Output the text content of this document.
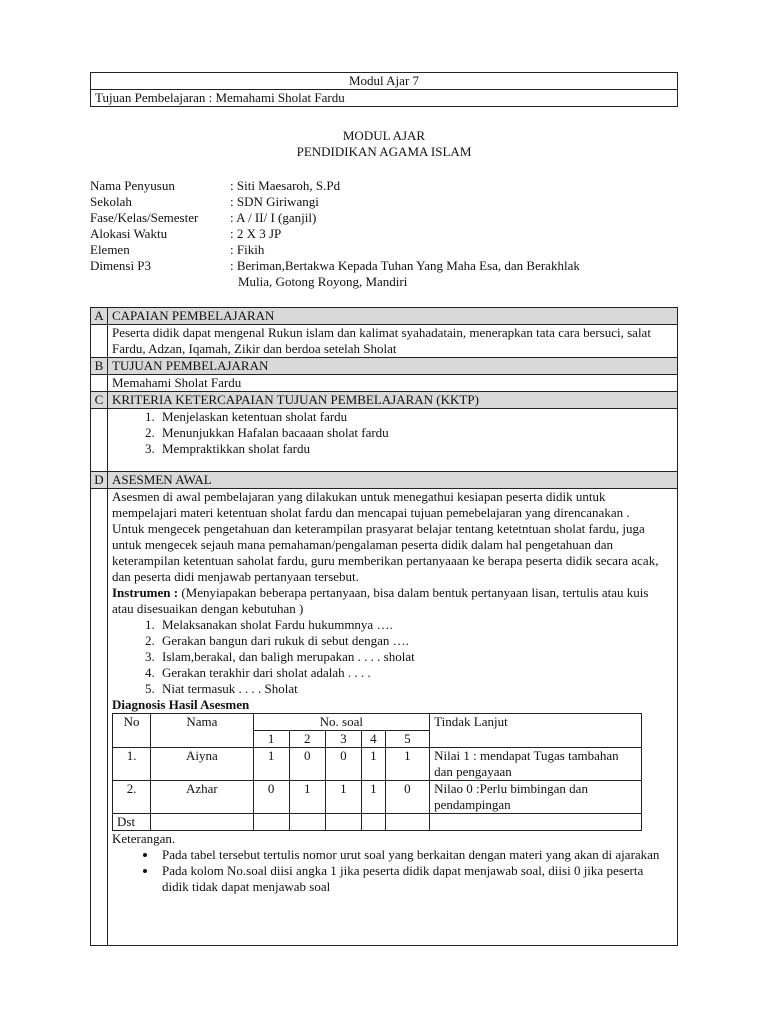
Modul Ajar 7
Tujuan Pembelajaran : Memahami Sholat Fardu
MODUL AJAR
PENDIDIKAN AGAMA ISLAM
Nama Penyusun	: Siti Maesaroh, S.Pd
Sekolah	: SDN Giriwangi
Fase/Kelas/Semester	: A / II/ I (ganjil)
Alokasi Waktu	: 2 X 3 JP
Elemen	: Fikih
Dimensi P3	: Beriman,Bertakwa Kepada Tuhan Yang Maha Esa, dan Berakhlak
Mulia, Gotong Royong, Mandiri
A	CAPAIAN PEMBELAJARAN
	Peserta didik dapat mengenal Rukun islam dan kalimat syahadatain, menerapkan tata cara bersuci, salat Fardu, Adzan, Iqamah, Zikir dan berdoa setelah Sholat
B	TUJUAN PEMBELAJARAN
	Memahami Sholat Fardu
C	KRITERIA KETERCAPAIAN TUJUAN PEMBELAJARAN (KKTP)

1. Menjelaskan ketentuan sholat fardu
2. Menunjukkan Hafalan bacaaan sholat fardu
3. Mempraktikkan sholat fardu

D	ASESMEN AWAL

Asesmen di awal pembelajaran yang dilakukan untuk menegathui kesiapan peserta didik untuk mempelajari materi ketentuan sholat fardu dan mencapai tujuan pemebelajaran yang direncanakan .
Untuk mengecek pengetahuan dan keterampilan prasyarat belajar tentang ketetntuan sholat fardu, juga untuk mengecek sejauh mana pemahaman/pengalaman peserta didik dalam hal pengetahuan dan keterampilan ketentuan saholat fardu, guru memberikan pertanyaaan ke berapa peserta didik secara acak, dan peserta didi menjawab pertanyaan tersebut.
Instrumen : (Menyiapakan beberapa pertanyaan, bisa dalam bentuk pertanyaan lisan, tertulis atau kuis atau disesuaikan dengan kebutuhan )
1. Melaksanakan sholat Fardu hukummnya ….
2. Gerakan bangun dari rukuk di sebut dengan ….
3. Islam,berakal, dan baligh merupakan . . . . sholat
4. Gerakan terakhir dari sholat adalah . . . .
5. Niat termasuk . . . . Sholat
Diagnosis Hasil Asesmen
No	Nama	No. soal	Tindak Lanjut
1	2	3	4	5
1.	Aiyna	1	0	0	1	1	Nilai 1 : mendapat Tugas tambahan dan pengayaan
2.	Azhar	0	1	1	1	0	Nilao 0 :Perlu bimbingan dan pendampingan
Dst							
Keterangan.
• Pada tabel tersebut tertulis nomor urut soal yang berkaitan dengan materi yang akan di ajarakan
• Pada kolom No.soal diisi angka 1 jika peserta didik dapat menjawab soal, diisi 0 jika peserta didik tidak dapat menjawab soal
